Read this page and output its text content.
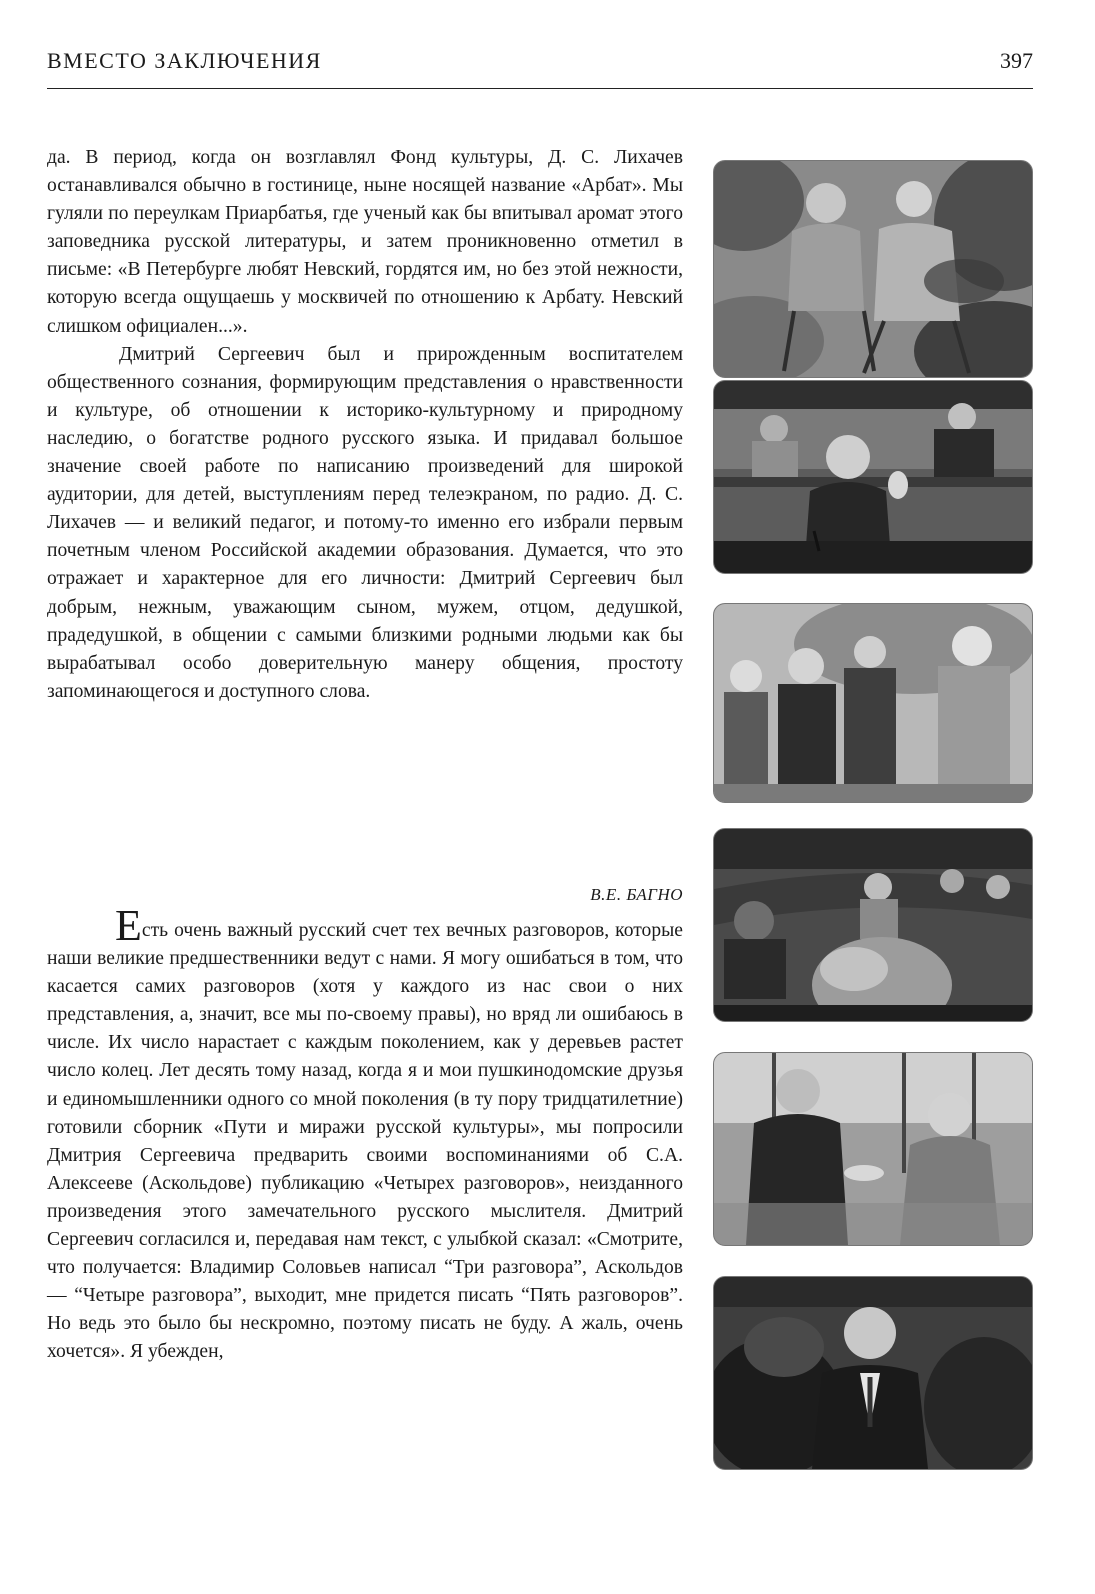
ВМЕСТО ЗАКЛЮЧЕНИЯ	397

да. В период, когда он возглавлял Фонд культуры, Д. С. Лихачев останавливался обычно в гостинице, ныне носящей название «Арбат». Мы гуляли по переулкам Приарбатья, где ученый как бы впитывал аромат этого заповедника русской литературы, и затем проникновенно отметил в письме: «В Петербурге любят Невский, гордятся им, но без этой нежности, которую всегда ощущаешь у москвичей по отношению к Арбату. Невский слишком официален...».

Дмитрий Сергеевич был и прирожденным воспитателем общественного сознания, формирующим представления о нравственности и культуре, об отношении к историко-культурному и природному наследию, о богатстве родного русского языка. И придавал большое значение своей работе по написанию произведений для широкой аудитории, для детей, выступлениям перед телеэкраном, по радио. Д. С. Лихачев — и великий педагог, и потому-то именно его избрали первым почетным членом Российской академии образования. Думается, что это отражает и характерное для его личности: Дмитрий Сергеевич был добрым, нежным, уважающим сыном, мужем, отцом, дедушкой, прадедушкой, в общении с самыми близкими родными людьми как бы вырабатывал особо доверительную манеру общения, простоту запоминающегося и доступного слова.

В.Е. БАГНО

Есть очень важный русский счет тех вечных разговоров, которые наши великие предшественники ведут с нами. Я могу ошибаться в том, что касается самих разговоров (хотя у каждого из нас свои о них представления, а, значит, все мы по-своему правы), но вряд ли ошибаюсь в числе. Их число нарастает с каждым поколением, как у деревьев растет число колец. Лет десять тому назад, когда я и мои пушкинодомские друзья и единомышленники одного со мной поколения (в ту пору тридцатилетние) готовили сборник «Пути и миражи русской культуры», мы попросили Дмитрия Сергеевича предварить своими воспоминаниями об С.А. Алексееве (Аскольдове) публикацию «Четырех разговоров», неизданного произведения этого замечательного русского мыслителя. Дмитрий Сергеевич согласился и, передавая нам текст, с улыбкой сказал: «Смотрите, что получается: Владимир Соловьев написал “Три разговора”, Аскольдов — “Четыре разговора”, выходит, мне придется писать “Пять разговоров”. Но ведь это было бы нескромно, поэтому писать не буду. А жаль, очень хочется». Я убежден,
